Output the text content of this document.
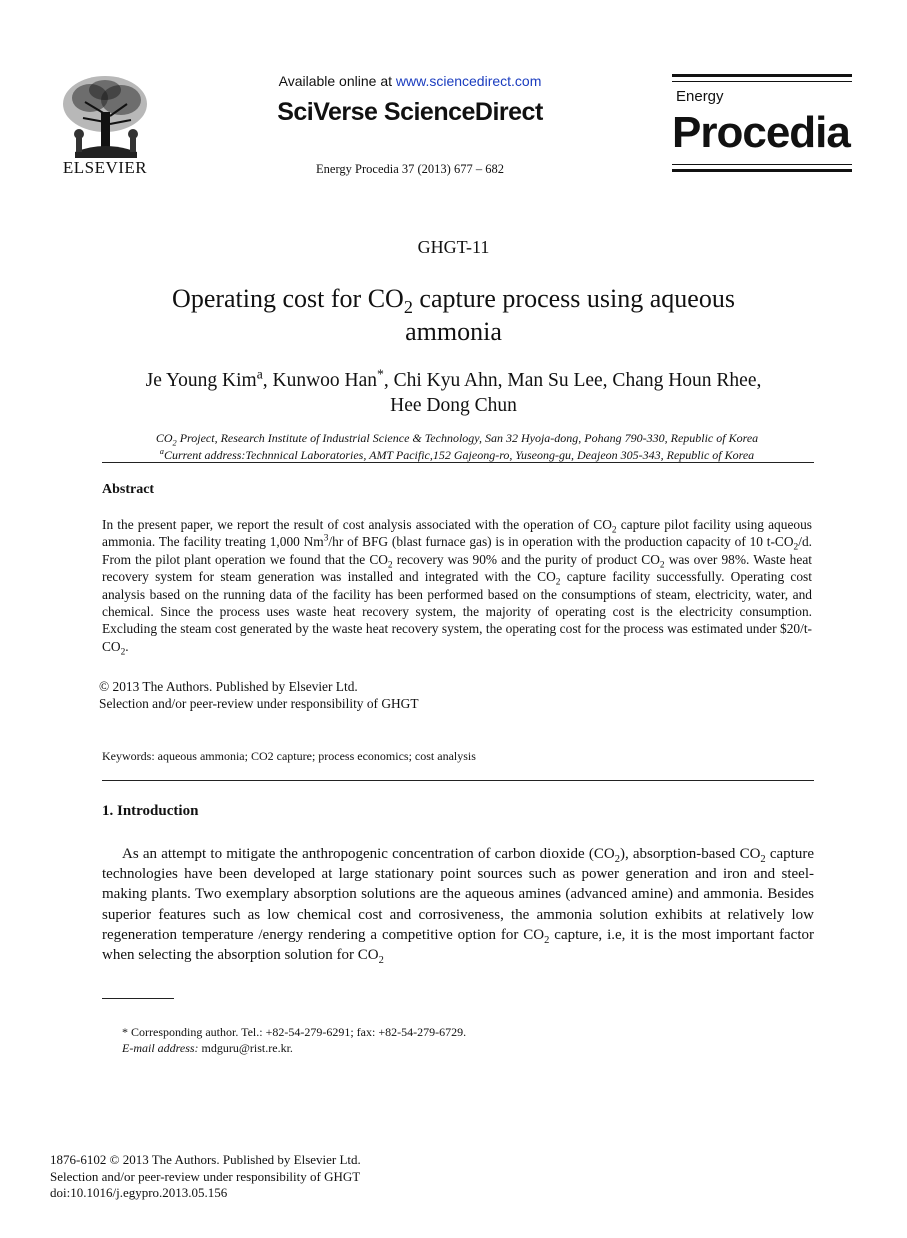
ELSEVIER
Available online at www.sciencedirect.com
SciVerse ScienceDirect
Energy Procedia 37 (2013) 677 – 682
Energy
Procedia
GHGT-11
Operating cost for $CO_2$ capture process using aqueous
ammonia
Je Young Kim$^a$, Kunwoo Han*, Chi Kyu Ahn, Man Su Lee, Chang Houn Rhee,
Hee Dong Chun
$CO_2$ Project, Research Institute of Industrial Science & Technology, San 32 Hyoja-dong, Pohang 790-330, Republic of Korea
$^a$Current address:Technnical Laboratories, AMT Pacific,152 Gajeong-ro, Yuseong-gu, Deajeon 305-343, Republic of Korea
Abstract
In the present paper, we report the result of cost analysis associated with the operation of $CO_2$ capture pilot facility using aqueous ammonia. The facility treating 1,000 Nm$^3$/hr of BFG (blast furnace gas) is in operation with the production capacity of 10 $t-CO_2/d$. From the pilot plant operation we found that the $CO_2$ recovery was 90% and the purity of product $CO_2$ was over 98%. Waste heat recovery system for steam generation was installed and integrated with the $CO_2$ capture facility successfully. Operating cost analysis based on the running data of the facility has been performed based on the consumptions of steam, electricity, water, and chemical. Since the process uses waste heat recovery system, the majority of operating cost is the electricity consumption. Excluding the steam cost generated by the waste heat recovery system, the operating cost for the process was estimated under $\$20/t-CO_2$.
© 2013 The Authors. Published by Elsevier Ltd.
Selection and/or peer-review under responsibility of GHGT
Keywords: aqueous ammonia; CO2 capture; process economics; cost analysis
1. Introduction
As an attempt to mitigate the anthropogenic concentration of carbon dioxide $(CO_2)$, absorption-based $CO_2$ capture technologies have been developed at large stationary point sources such as power generation and iron and steel-making plants. Two exemplary absorption solutions are the aqueous amines (advanced amine) and ammonia. Besides superior features such as low chemical cost and corrosiveness, the ammonia solution exhibits at relatively low regeneration temperature /energy rendering a competitive option for $CO_2$ capture, i.e, it is the most important factor when selecting the absorption solution for $CO_2$
* Corresponding author. Tel.: +82-54-279-6291; fax: +82-54-279-6729.
E-mail address: mdguru@rist.re.kr.
1876-6102 © 2013 The Authors. Published by Elsevier Ltd.
Selection and/or peer-review under responsibility of GHGT
doi:10.1016/j.egypro.2013.05.156
